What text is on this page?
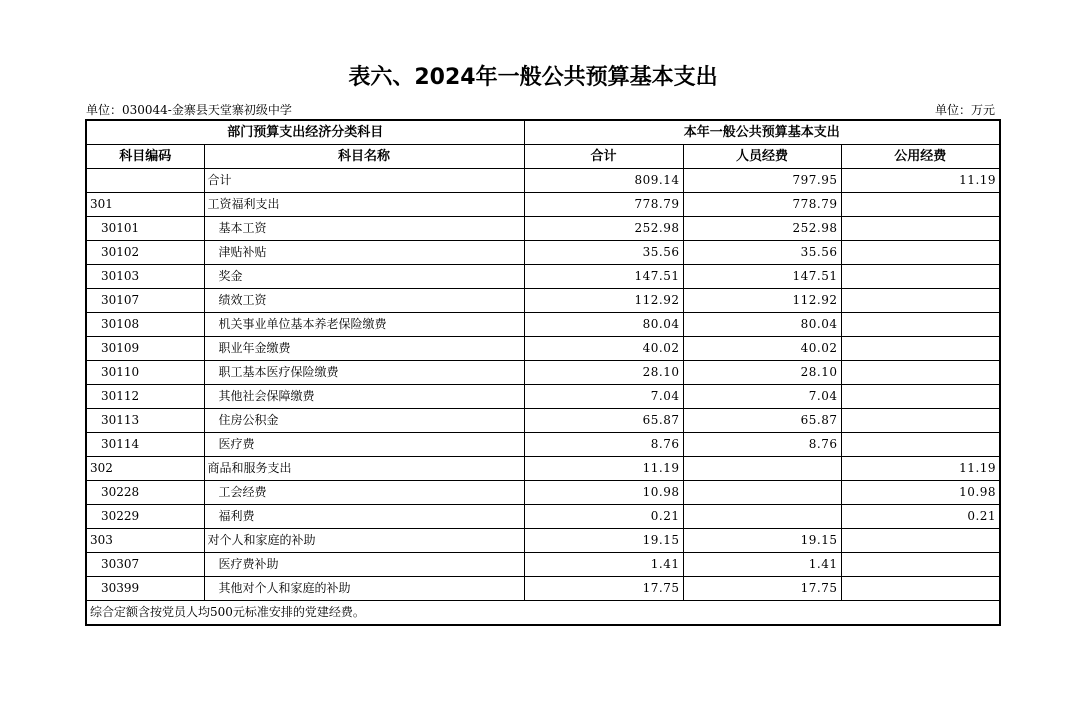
表六、2024年一般公共预算基本支出
单位：030044-金寨县天堂寨初级中学	单位：万元
部门预算支出经济分类科目		本年一般公共预算基本支出		
科目编码	科目名称	合计	人员经费	公用经费
	合计	809.14	797.95	11.19
301	工资福利支出	778.79	778.79	
30101	基本工资	252.98	252.98	
30102	津贴补贴	35.56	35.56	
30103	奖金	147.51	147.51	
30107	绩效工资	112.92	112.92	
30108	机关事业单位基本养老保险缴费	80.04	80.04	
30109	职业年金缴费	40.02	40.02	
30110	职工基本医疗保险缴费	28.10	28.10	
30112	其他社会保障缴费	7.04	7.04	
30113	住房公积金	65.87	65.87	
30114	医疗费	8.76	8.76	
302	商品和服务支出	11.19		11.19
30228	工会经费	10.98		10.98
30229	福利费	0.21		0.21
303	对个人和家庭的补助	19.15	19.15	
30307	医疗费补助	1.41	1.41	
30399	其他对个人和家庭的补助	17.75	17.75	
综合定额含按党员人均500元标准安排的党建经费。				
